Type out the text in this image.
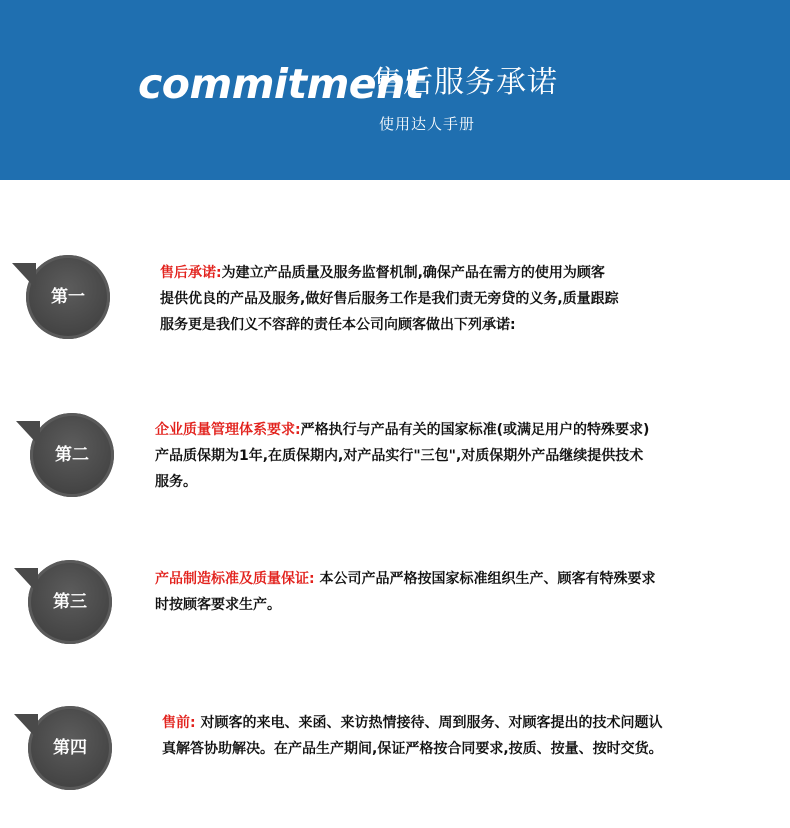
commitment
售后服务承诺
使用达人手册
第一
售后承诺:为建立产品质量及服务监督机制,确保产品在需方的使用为顾客
提供优良的产品及服务,做好售后服务工作是我们责无旁贷的义务,质量跟踪
服务更是我们义不容辞的责任本公司向顾客做出下列承诺:
第二
企业质量管理体系要求:严格执行与产品有关的国家标准(或满足用户的特殊要求)
产品质保期为1年,在质保期内,对产品实行"三包",对质保期外产品继续提供技术
服务。
第三
产品制造标准及质量保证: 本公司产品严格按国家标准组织生产、顾客有特殊要求
时按顾客要求生产。
第四
售前: 对顾客的来电、来函、来访热情接待、周到服务、对顾客提出的技术问题认
真解答协助解决。在产品生产期间,保证严格按合同要求,按质、按量、按时交货。
